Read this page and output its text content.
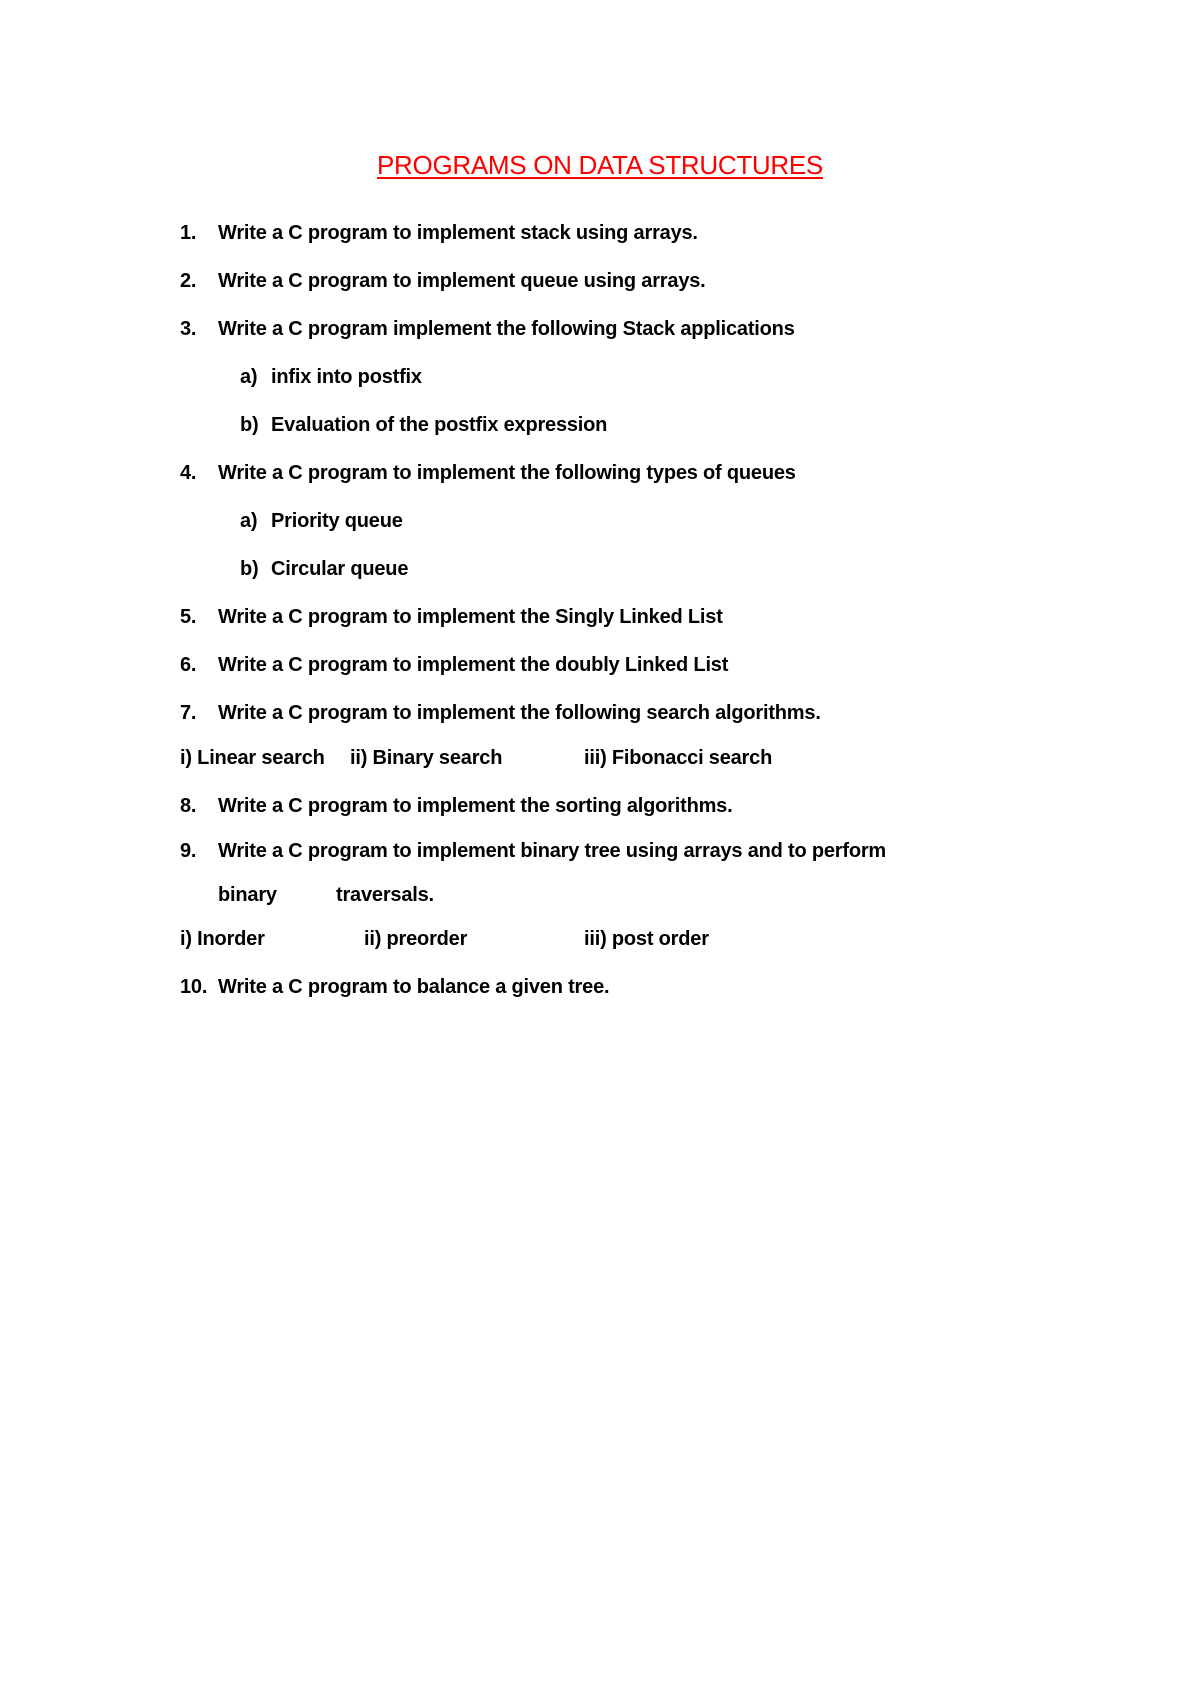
PROGRAMS ON DATA STRUCTURES
1. Write a C program to implement stack using arrays.
2. Write a C program to implement queue using arrays.
3. Write a C program implement the following Stack applications
a) infix into postfix
b) Evaluation of the postfix expression
4. Write a C program to implement the following types of queues
a) Priority queue
b) Circular queue
5. Write a C program to implement the Singly Linked List
6. Write a C program to implement the doubly Linked List
7. Write a C program to implement the following search algorithms.
i) Linear search ii) Binary search	iii) Fibonacci search
8. Write a C program to implement the sorting algorithms.
9. Write a C program to implement binary tree using arrays and to perform
binary	traversals.
i) Inorder	ii) preorder	iii) post order
10. Write a C program to balance a given tree.
